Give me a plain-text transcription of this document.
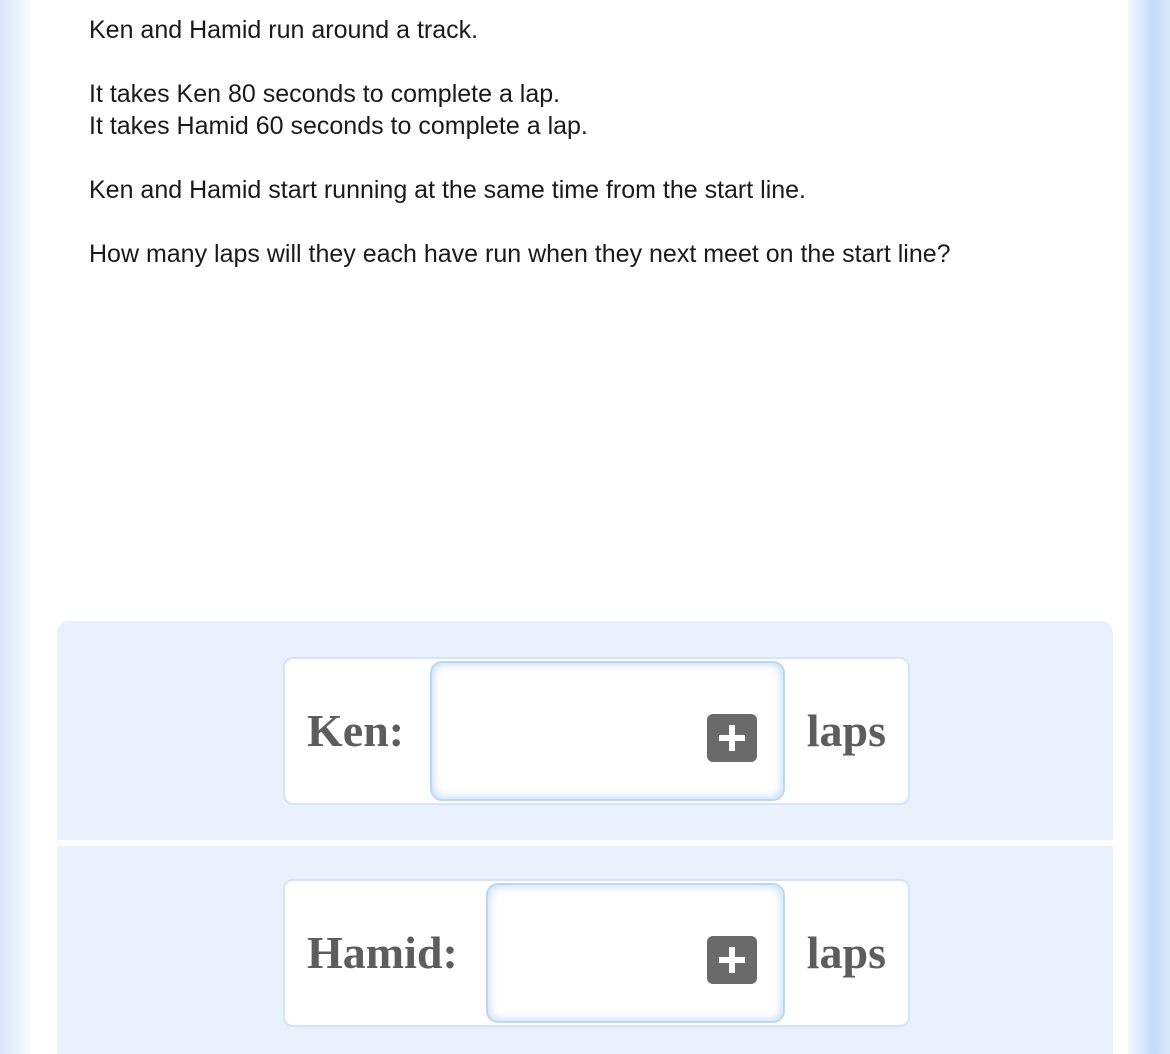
Ken and Hamid run around a track.

It takes Ken 80 seconds to complete a lap.

It takes Hamid 60 seconds to complete a lap.

Ken and Hamid start running at the same time from the start line.

How many laps will they each have run when they next meet on the start line?

Ken:	laps
Hamid:	laps
